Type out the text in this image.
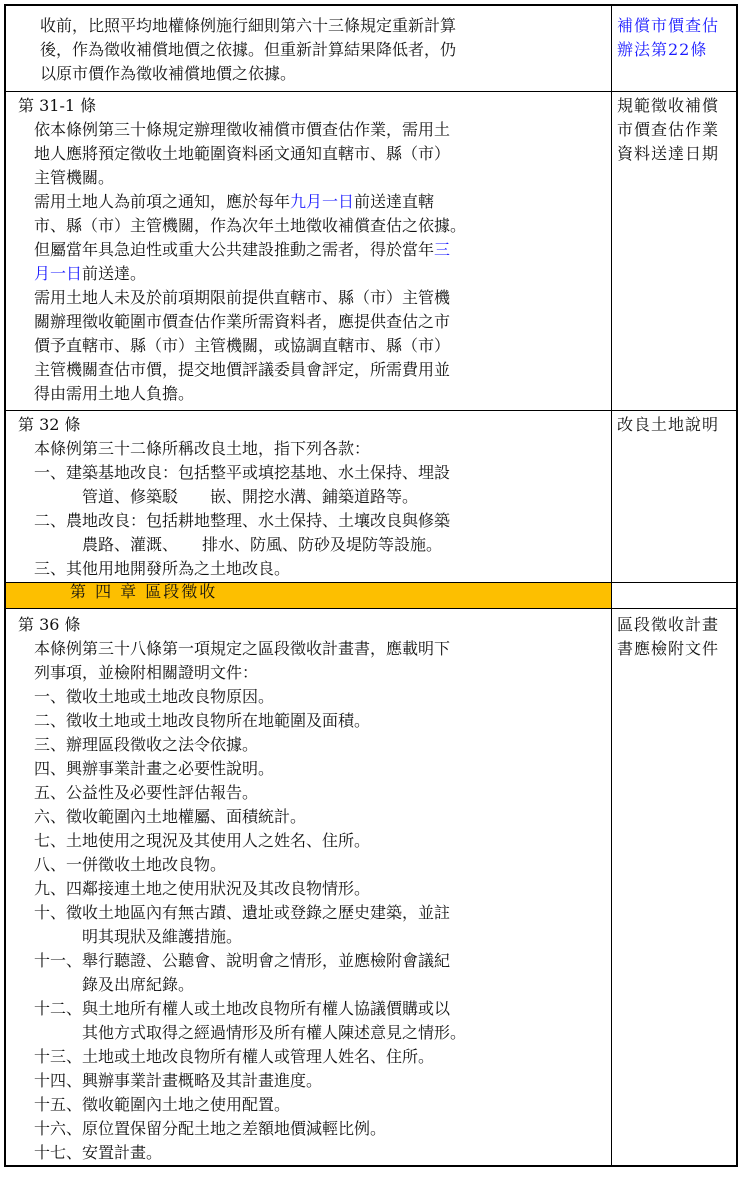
收前，比照平均地權條例施行細則第六十三條規定重新計算
後，作為徵收補償地價之依據。但重新計算結果降低者，仍
以原市價作為徵收補償地價之依據。
補償市價查估辦法第22條
第 31-1 條
依本條例第三十條規定辦理徵收補償市價查估作業，需用土
地人應將預定徵收土地範圍資料函文通知直轄市、縣（市）
主管機關。
需用土地人為前項之通知，應於每年九月一日前送達直轄
市、縣（市）主管機關，作為次年土地徵收補償查估之依據。
但屬當年具急迫性或重大公共建設推動之需者，得於當年三
月一日前送達。
需用土地人未及於前項期限前提供直轄市、縣（市）主管機
關辦理徵收範圍市價查估作業所需資料者，應提供查估之市
價予直轄市、縣（市）主管機關，或協調直轄市、縣（市）
主管機關查估市價，提交地價評議委員會評定，所需費用並
得由需用土地人負擔。
規範徵收補償市價查估作業資料送達日期
第 32 條
本條例第三十二條所稱改良土地，指下列各款：
一、建築基地改良：包括整平或填挖基地、水土保持、埋設
管道、修築駁　　嵌、開挖水溝、鋪築道路等。
二、農地改良：包括耕地整理、水土保持、土壤改良與修築
農路、灌溉、　　排水、防風、防砂及堤防等設施。
三、其他用地開發所為之土地改良。
改良土地說明
第 四 章 區段徵收
第 36 條
本條例第三十八條第一項規定之區段徵收計畫書，應載明下
列事項，並檢附相關證明文件：
一、徵收土地或土地改良物原因。
二、徵收土地或土地改良物所在地範圍及面積。
三、辦理區段徵收之法令依據。
四、興辦事業計畫之必要性說明。
五、公益性及必要性評估報告。
六、徵收範圍內土地權屬、面積統計。
七、土地使用之現況及其使用人之姓名、住所。
八、一併徵收土地改良物。
九、四鄰接連土地之使用狀況及其改良物情形。
十、徵收土地區內有無古蹟、遺址或登錄之歷史建築，並註
明其現狀及維護措施。
十一、舉行聽證、公聽會、說明會之情形，並應檢附會議紀
錄及出席紀錄。
十二、與土地所有權人或土地改良物所有權人協議價購或以
其他方式取得之經過情形及所有權人陳述意見之情形。
十三、土地或土地改良物所有權人或管理人姓名、住所。
十四、興辦事業計畫概略及其計畫進度。
十五、徵收範圍內土地之使用配置。
十六、原位置保留分配土地之差額地價減輕比例。
十七、安置計畫。
區段徵收計畫書應檢附文件
